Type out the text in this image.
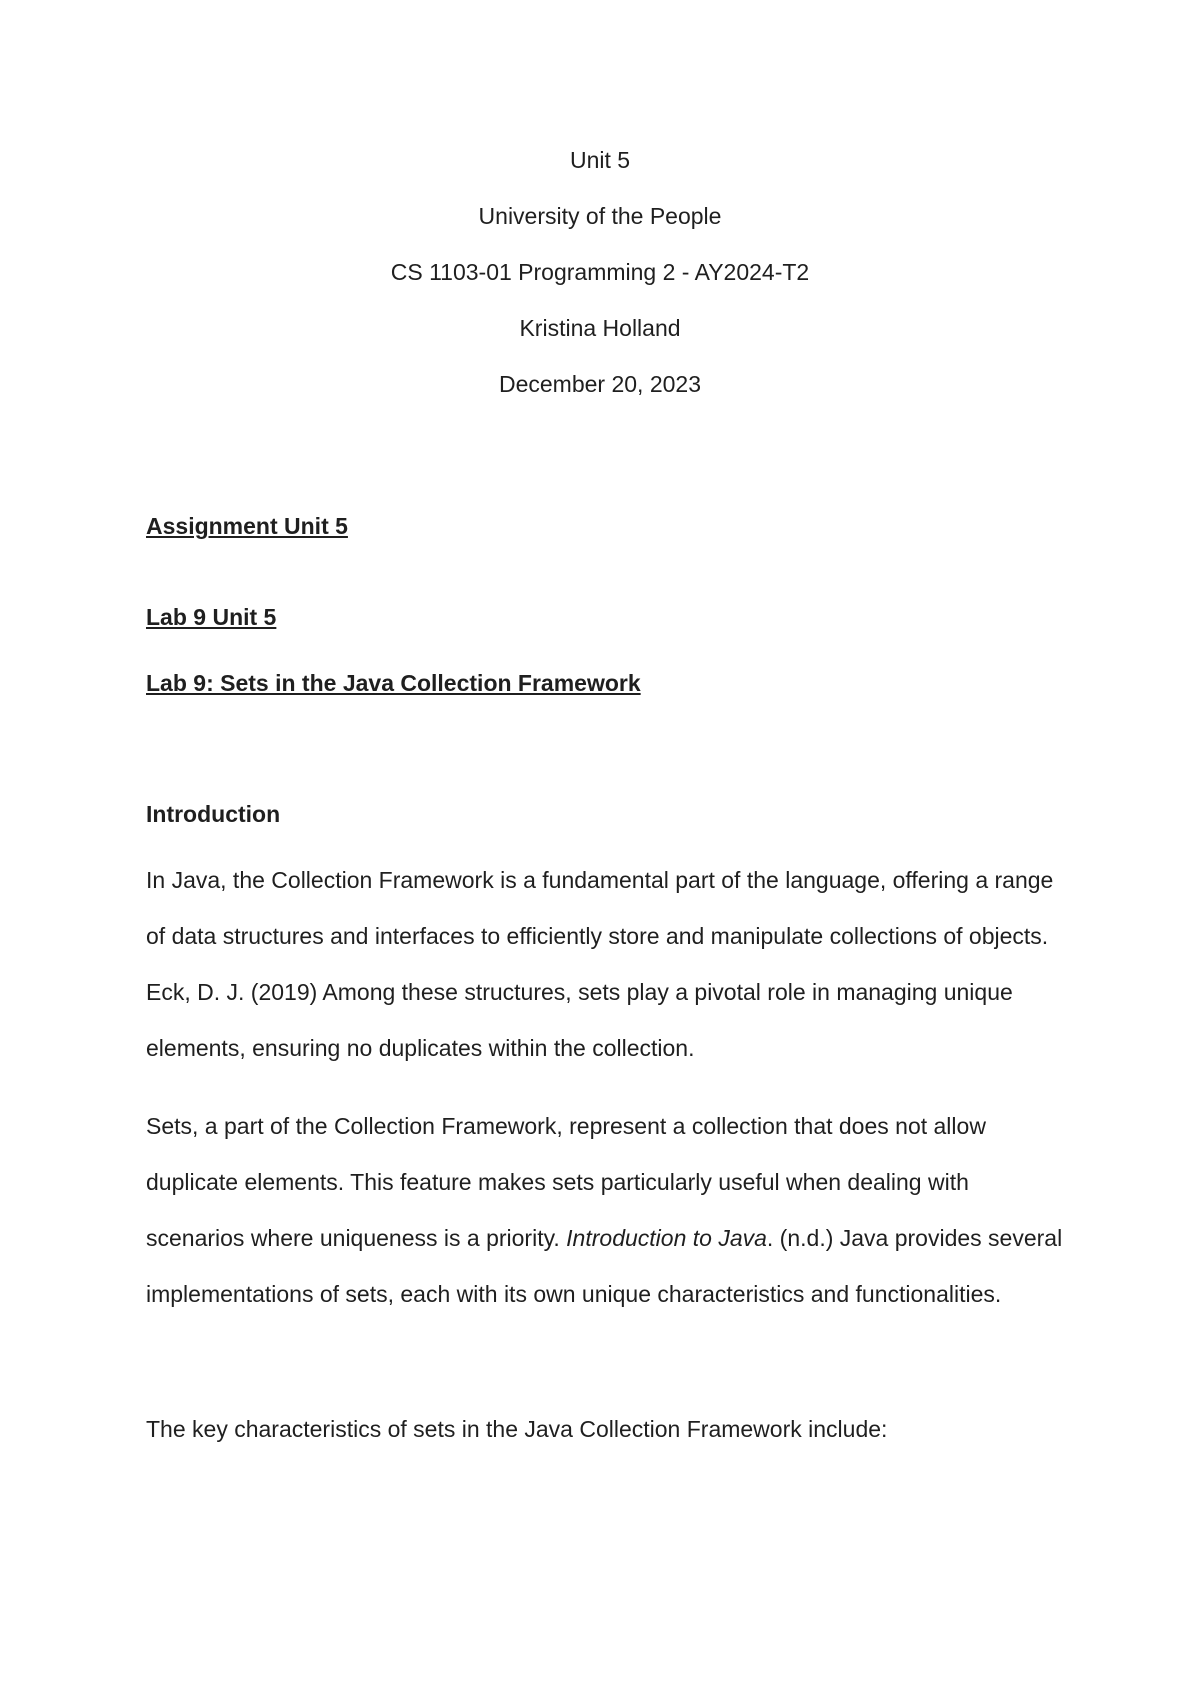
Unit 5

University of the People

CS 1103-01 Programming 2 - AY2024-T2

Kristina Holland

December 20, 2023

Assignment Unit 5

Lab 9 Unit 5

Lab 9: Sets in the Java Collection Framework

Introduction

In Java, the Collection Framework is a fundamental part of the language, offering a range of data structures and interfaces to efficiently store and manipulate collections of objects. Eck, D. J. (2019) Among these structures, sets play a pivotal role in managing unique elements, ensuring no duplicates within the collection.

Sets, a part of the Collection Framework, represent a collection that does not allow duplicate elements. This feature makes sets particularly useful when dealing with scenarios where uniqueness is a priority. Introduction to Java. (n.d.) Java provides several implementations of sets, each with its own unique characteristics and functionalities.

The key characteristics of sets in the Java Collection Framework include:
